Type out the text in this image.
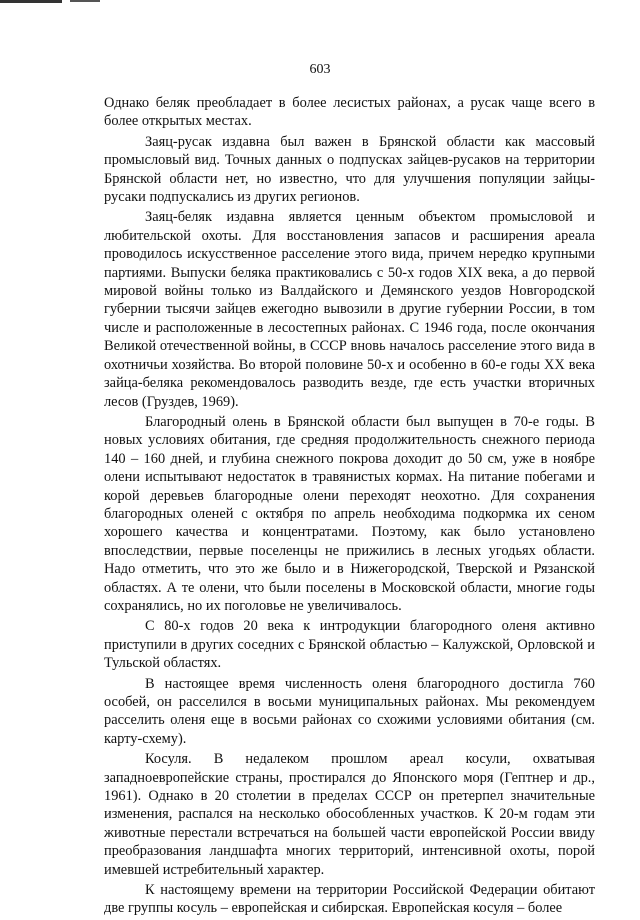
603

Однако беляк преобладает в более лесистых районах, а русак чаще всего в более открытых местах.

Заяц-русак издавна был важен в Брянской области как массовый промысловый вид. Точных данных о подпусках зайцев-русаков на территории Брянской области нет, но известно, что для улучшения популяции зайцы-русаки подпускались из других регионов.

Заяц-беляк издавна является ценным объектом промысловой и любительской охоты. Для восстановления запасов и расширения ареала проводилось искусственное расселение этого вида, причем нередко крупными партиями. Выпуски беляка практиковались с 50-х годов XIX века, а до первой мировой войны только из Валдайского и Демянского уездов Новгородской губернии тысячи зайцев ежегодно вывозили в другие губернии России, в том числе и расположенные в лесостепных районах. С 1946 года, после окончания Великой отечественной войны, в СССР вновь началось расселение этого вида в охотничьи хозяйства. Во второй половине 50-х и особенно в 60-е годы XX века зайца-беляка рекомендовалось разводить везде, где есть участки вторичных лесов (Груздев, 1969).

Благородный олень в Брянской области был выпущен в 70-е годы. В новых условиях обитания, где средняя продолжительность снежного периода 140 – 160 дней, и глубина снежного покрова доходит до 50 см, уже в ноябре олени испытывают недостаток в травянистых кормах. На питание побегами и корой деревьев благородные олени переходят неохотно. Для сохранения благородных оленей с октября по апрель необходима подкормка их сеном хорошего качества и концентратами. Поэтому, как было установлено впоследствии, первые поселенцы не прижились в лесных угодьях области. Надо отметить, что это же было и в Нижегородской, Тверской и Рязанской областях. А те олени, что были поселены в Московской области, многие годы сохранялись, но их поголовье не увеличивалось.

С 80-х годов 20 века к интродукции благородного оленя активно приступили в других соседних с Брянской областью – Калужской, Орловской и Тульской областях.

В настоящее время численность оленя благородного достигла 760 особей, он расселился в восьми муниципальных районах. Мы рекомендуем расселить оленя еще в восьми районах со схожими условиями обитания (см. карту-схему).

Косуля. В недалеком прошлом ареал косули, охватывая западноевропейские страны, простирался до Японского моря (Гептнер и др., 1961). Однако в 20 столетии в пределах СССР он претерпел значительные изменения, распался на несколько обособленных участков. К 20-м годам эти животные перестали встречаться на большей части европейской России ввиду преобразования ландшафта многих территорий, интенсивной охоты, порой имевшей истребительный характер.

К настоящему времени на территории Российской Федерации обитают две группы косуль – европейская и сибирская. Европейская косуля – более
